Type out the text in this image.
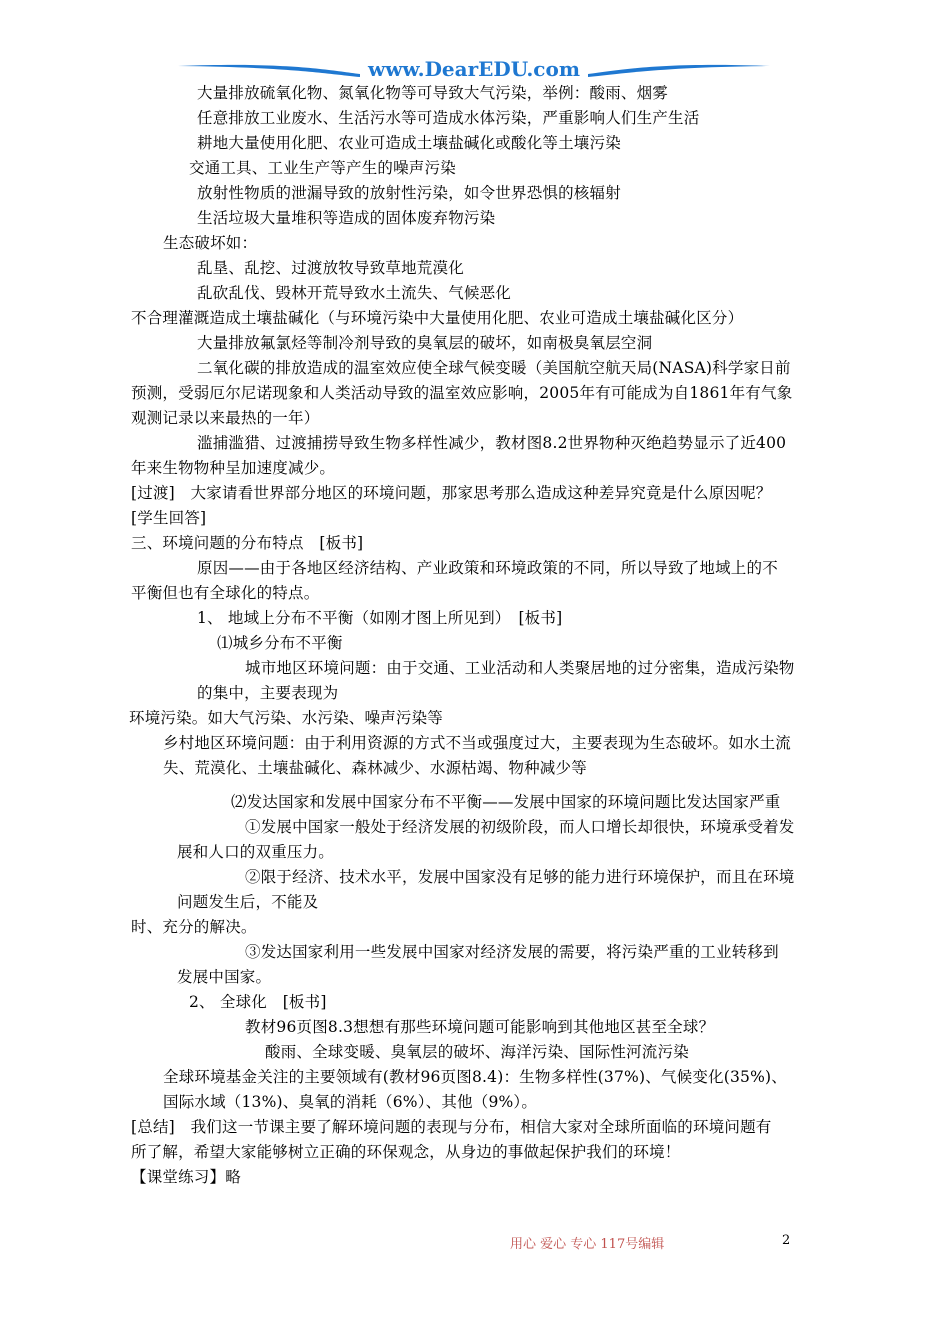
www.DearEDU.com
大量排放硫氧化物、氮氧化物等可导致大气污染，举例：酸雨、烟雾
任意排放工业废水、生活污水等可造成水体污染，严重影响人们生产生活
耕地大量使用化肥、农业可造成土壤盐碱化或酸化等土壤污染
交通工具、工业生产等产生的噪声污染
放射性物质的泄漏导致的放射性污染，如令世界恐惧的核辐射
生活垃圾大量堆积等造成的固体废弃物污染
生态破坏如：
乱垦、乱挖、过渡放牧导致草地荒漠化
乱砍乱伐、毁林开荒导致水土流失、气候恶化
不合理灌溉造成土壤盐碱化（与环境污染中大量使用化肥、农业可造成土壤盐碱化区分）
大量排放氟氯烃等制冷剂导致的臭氧层的破坏，如南极臭氧层空洞
二氧化碳的排放造成的温室效应使全球气候变暖（美国航空航天局(NASA)科学家日前
预测，受弱厄尔尼诺现象和人类活动导致的温室效应影响，2005年有可能成为自1861年有气象
观测记录以来最热的一年）
滥捕滥猎、过渡捕捞导致生物多样性减少，教材图8.2世界物种灭绝趋势显示了近400
年来生物物种呈加速度减少。
[过渡]　大家请看世界部分地区的环境问题，那家思考那么造成这种差异究竟是什么原因呢？
[学生回答]
三、环境问题的分布特点　[板书]
原因——由于各地区经济结构、产业政策和环境政策的不同，所以导致了地域上的不
平衡但也有全球化的特点。
1、 地域上分布不平衡（如刚才图上所见到）　[板书]
⑴城乡分布不平衡
城市地区环境问题：由于交通、工业活动和人类聚居地的过分密集，造成污染物
的集中，主要表现为
环境污染。如大气污染、水污染、噪声污染等
乡村地区环境问题：由于利用资源的方式不当或强度过大，主要表现为生态破坏。如水土流
失、荒漠化、土壤盐碱化、森林减少、水源枯竭、物种减少等
⑵发达国家和发展中国家分布不平衡——发展中国家的环境问题比发达国家严重
①发展中国家一般处于经济发展的初级阶段，而人口增长却很快，环境承受着发
展和人口的双重压力。
②限于经济、技术水平，发展中国家没有足够的能力进行环境保护，而且在环境
问题发生后，不能及
时、充分的解决。
③发达国家利用一些发展中国家对经济发展的需要，将污染严重的工业转移到
发展中国家。
2、 全球化　[板书]
教材96页图8.3想想有那些环境问题可能影响到其他地区甚至全球？
酸雨、全球变暖、臭氧层的破坏、海洋污染、国际性河流污染
全球环境基金关注的主要领域有(教材96页图8.4)：生物多样性(37%)、气候变化(35%)、
国际水域（13%)、臭氧的消耗（6%）、其他（9%）。
[总结]　我们这一节课主要了解环境问题的表现与分布，相信大家对全球所面临的环境问题有
所了解，希望大家能够树立正确的环保观念，从身边的事做起保护我们的环境！
【课堂练习】略
用心 爱心 专心 117号编辑	2
